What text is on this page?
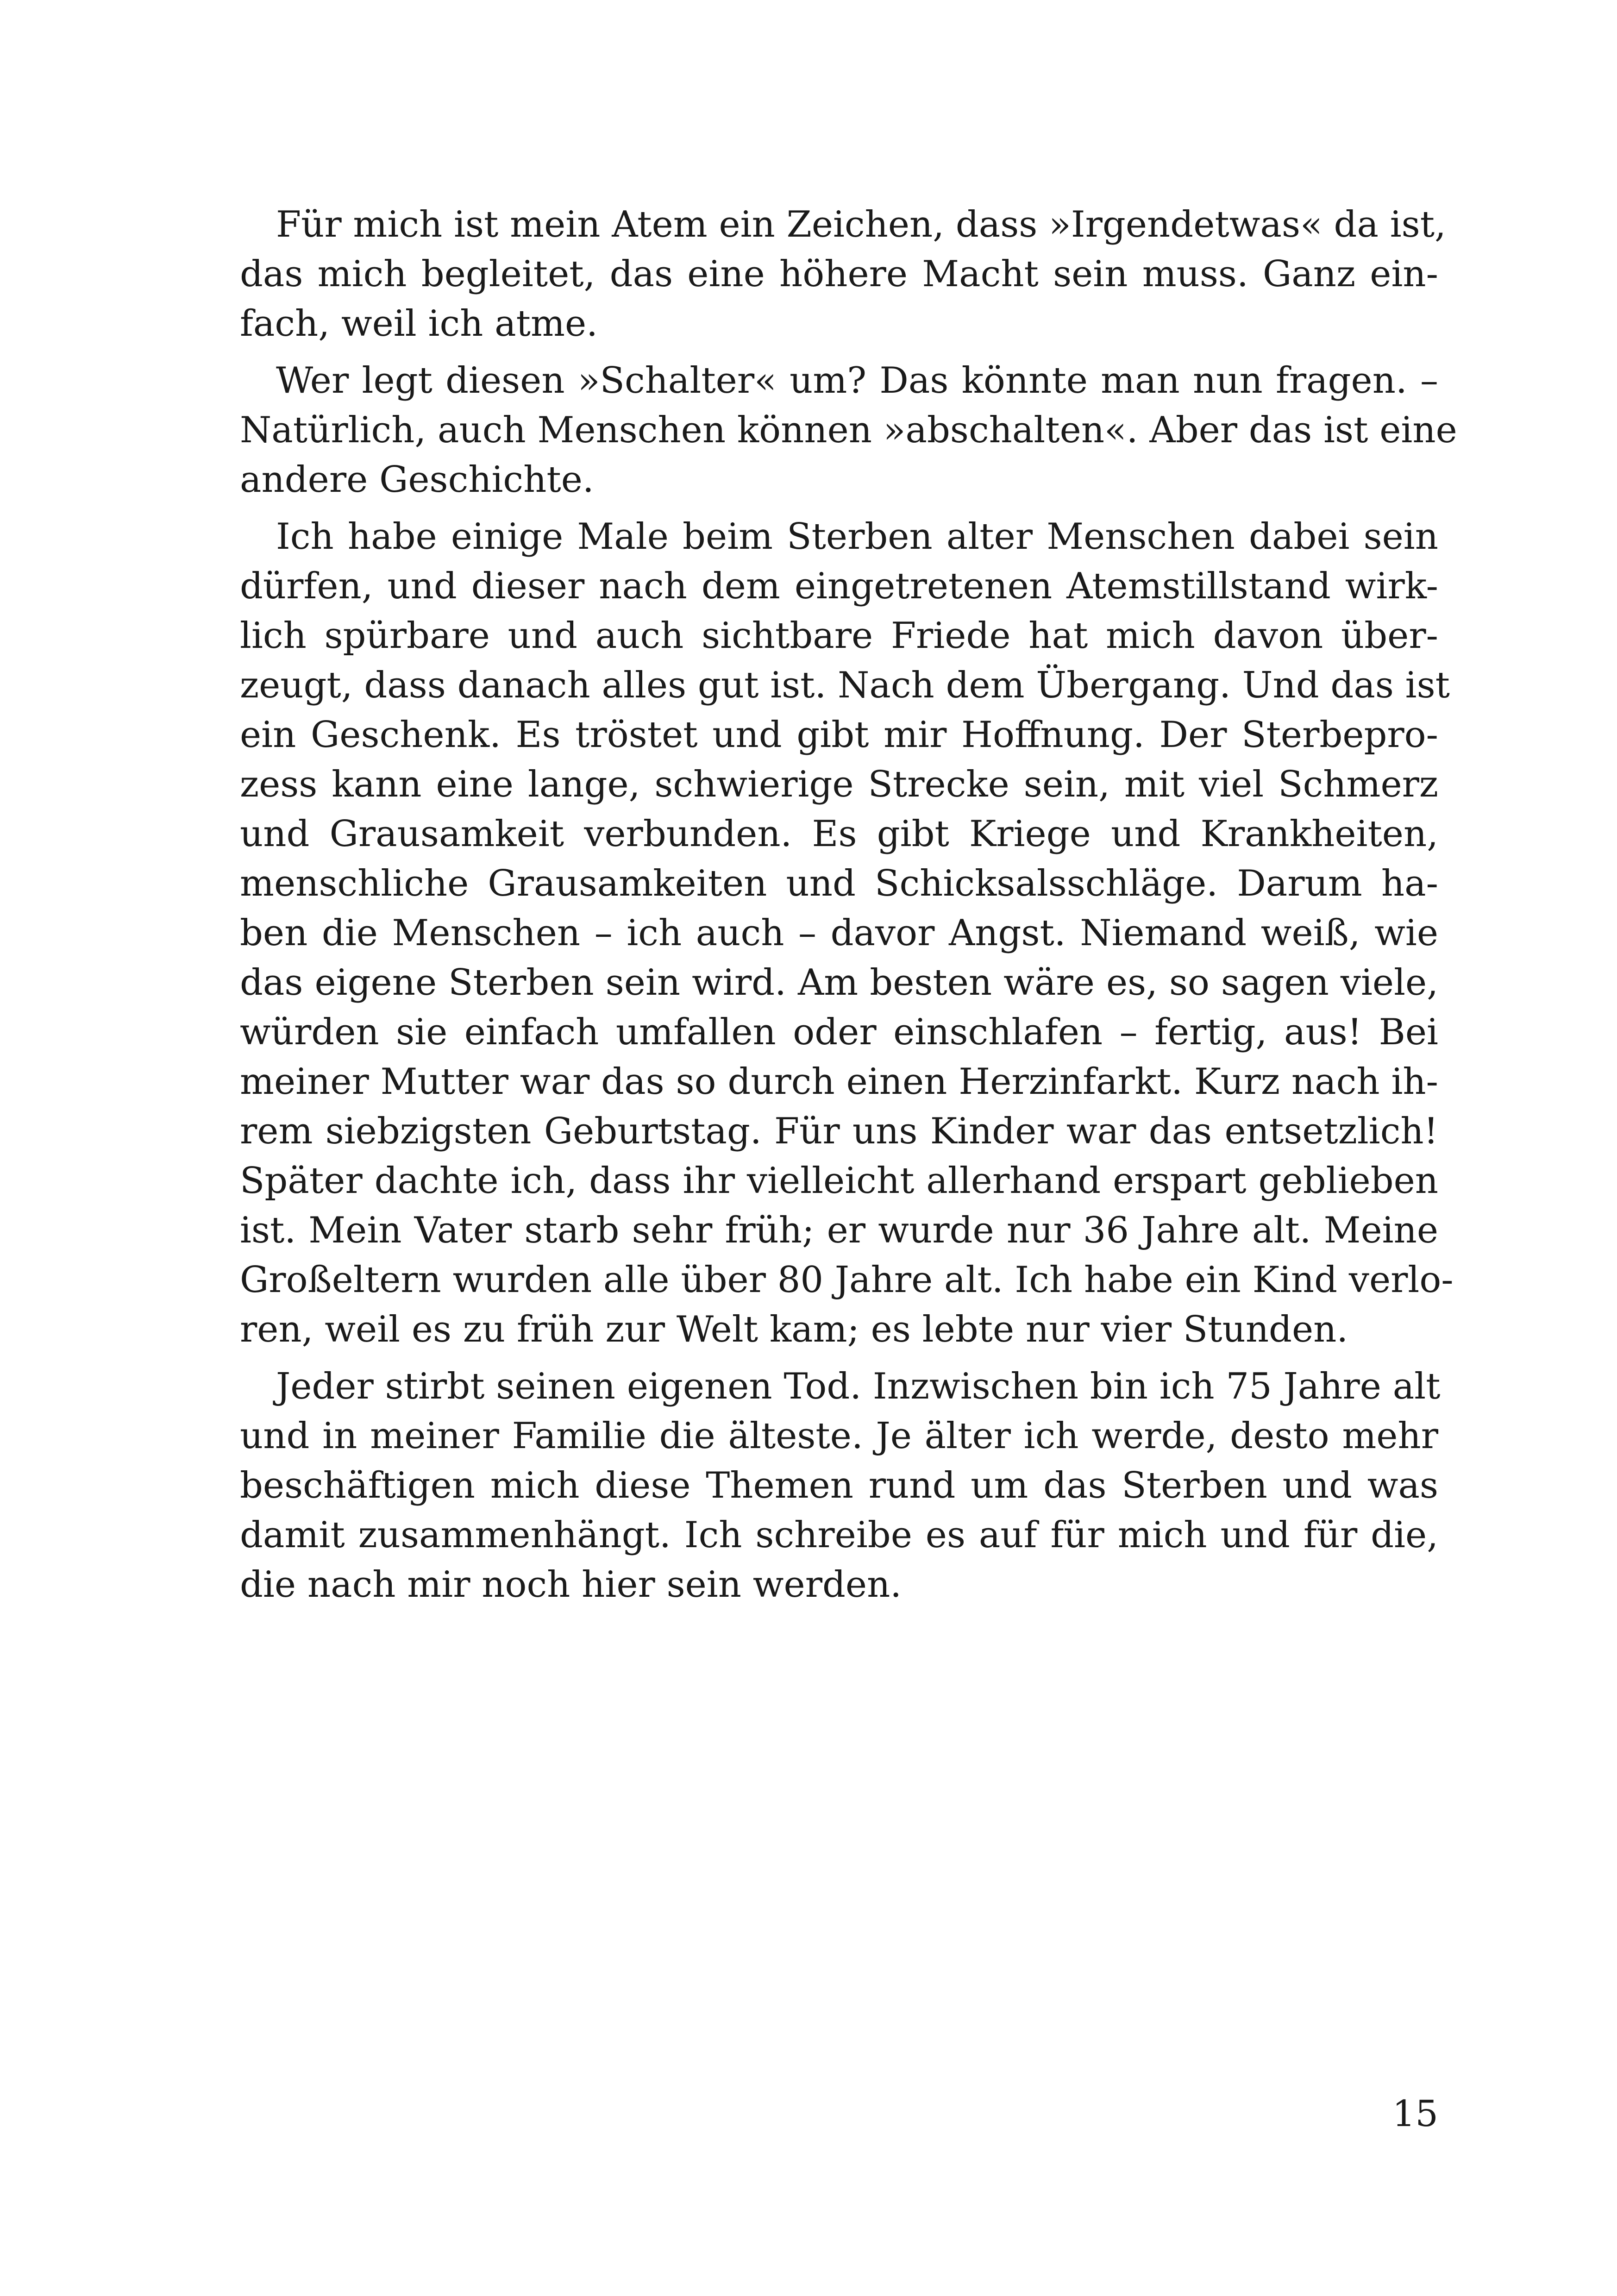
Für mich ist mein Atem ein Zeichen, dass »Irgendetwas« da ist,
das mich begleitet, das eine höhere Macht sein muss. Ganz ein-
fach, weil ich atme.
Wer legt diesen »Schalter« um? Das könnte man nun fragen. –
Natürlich, auch Menschen können »abschalten«. Aber das ist eine
andere Geschichte.
Ich habe einige Male beim Sterben alter Menschen dabei sein
dürfen, und dieser nach dem eingetretenen Atemstillstand wirk-
lich spürbare und auch sichtbare Friede hat mich davon über-
zeugt, dass danach alles gut ist. Nach dem Übergang. Und das ist
ein Geschenk. Es tröstet und gibt mir Hoffnung. Der Sterbepro-
zess kann eine lange, schwierige Strecke sein, mit viel Schmerz
und Grausamkeit verbunden. Es gibt Kriege und Krankheiten,
menschliche Grausamkeiten und Schicksalsschläge. Darum ha-
ben die Menschen – ich auch – davor Angst. Niemand weiß, wie
das eigene Sterben sein wird. Am besten wäre es, so sagen viele,
würden sie einfach umfallen oder einschlafen – fertig, aus! Bei
meiner Mutter war das so durch einen Herzinfarkt. Kurz nach ih-
rem siebzigsten Geburtstag. Für uns Kinder war das entsetzlich!
Später dachte ich, dass ihr vielleicht allerhand erspart geblieben
ist. Mein Vater starb sehr früh; er wurde nur 36 Jahre alt. Meine
Großeltern wurden alle über 80 Jahre alt. Ich habe ein Kind verlo-
ren, weil es zu früh zur Welt kam; es lebte nur vier Stunden.
Jeder stirbt seinen eigenen Tod. Inzwischen bin ich 75 Jahre alt
und in meiner Familie die älteste. Je älter ich werde, desto mehr
beschäftigen mich diese Themen rund um das Sterben und was
damit zusammenhängt. Ich schreibe es auf für mich und für die,
die nach mir noch hier sein werden.
15
